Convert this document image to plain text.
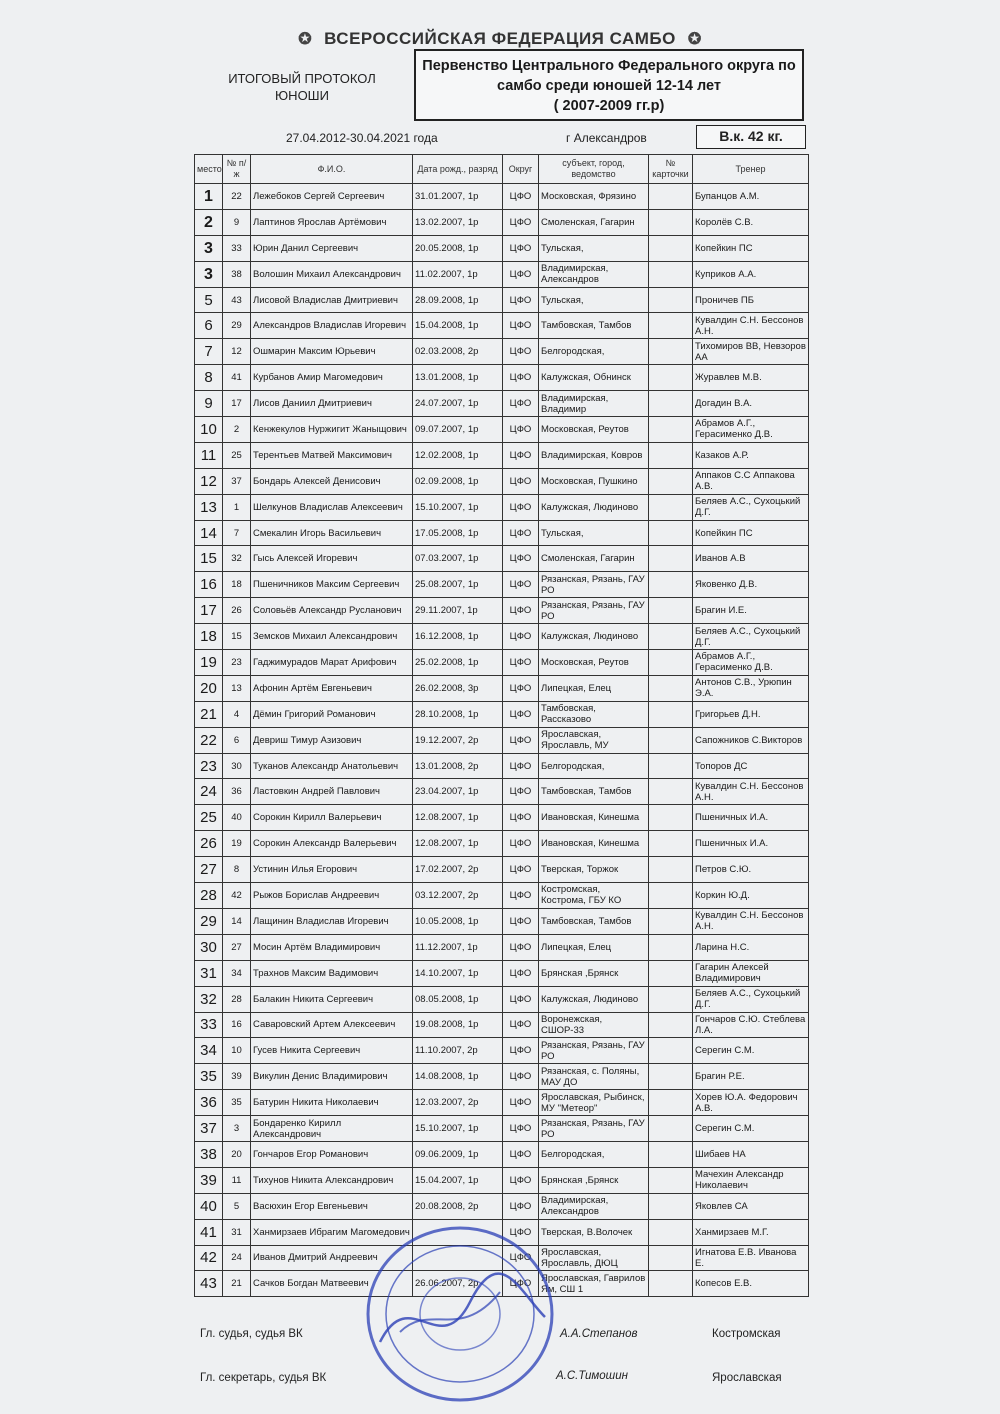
✪ ВСЕРОССИЙСКАЯ ФЕДЕРАЦИЯ САМБО ✪
ИТОГОВЫЙ ПРОТОКОЛ
ЮНОШИ
Первенство Центрального Федерального округа по
самбо среди юношей 12-14 лет
( 2007-2009 гг.р)
27.04.2012-30.04.2021 года	г Александров	В.к. 42 кг.
место	№ п/ж	Ф.И.О.	Дата рожд., разряд	Округ	субъект, город, ведомство	№ карточки	Тренер
1	22	Лежебоков Сергей Сергеевич	31.01.2007, 1р	ЦФО	Московская, Фрязино		Бупанцов А.М.
2	9	Лаптинов Ярослав Артёмович	13.02.2007, 1р	ЦФО	Смоленская, Гагарин		Королёв С.В.
3	33	Юрин Данил Сергеевич	20.05.2008, 1р	ЦФО	Тульская,		Копейкин ПС
3	38	Волошин Михаил Александрович	11.02.2007, 1р	ЦФО	Владимирская, Александров		Куприков А.А.
5	43	Лисовой Владислав Дмитриевич	28.09.2008, 1р	ЦФО	Тульская,		Проничев ПБ
6	29	Александров Владислав Игоревич	15.04.2008, 1р	ЦФО	Тамбовская, Тамбов		Кувалдин С.Н. Бессонов А.Н.
7	12	Ошмарин Максим Юрьевич	02.03.2008, 2р	ЦФО	Белгородская,		Тихомиров ВВ, Невзоров АА
8	41	Курбанов Амир Магомедович	13.01.2008, 1р	ЦФО	Калужская, Обнинск		Журавлев М.В.
9	17	Лисов Даниил Дмитриевич	24.07.2007, 1р	ЦФО	Владимирская, Владимир		Догадин В.А.
10	2	Кенжекулов Нуржигит Жаныщович	09.07.2007, 1р	ЦФО	Московская, Реутов		Абрамов А.Г., Герасименко Д.В.
11	25	Терентьев Матвей Максимович	12.02.2008, 1р	ЦФО	Владимирская, Ковров		Казаков А.Р.
12	37	Бондарь Алексей Денисович	02.09.2008, 1р	ЦФО	Московская, Пушкино		Аппаков С.С Аппакова А.В.
13	1	Шелкунов Владислав Алексеевич	15.10.2007, 1р	ЦФО	Калужская, Людиново		Беляев А.С., Сухоцький Д.Г.
14	7	Смекалин Игорь Васильевич	17.05.2008, 1р	ЦФО	Тульская,		Копейкин ПС
15	32	Гысь Алексей Игоревич	07.03.2007, 1р	ЦФО	Смоленская, Гагарин		Иванов А.В
16	18	Пшеничников Максим Сергеевич	25.08.2007, 1р	ЦФО	Рязанская, Рязань, ГАУ РО		Яковенко Д.В.
17	26	Соловьёв Александр Русланович	29.11.2007, 1р	ЦФО	Рязанская, Рязань, ГАУ РО		Брагин И.Е.
18	15	Земсков Михаил Александрович	16.12.2008, 1р	ЦФО	Калужская, Людиново		Беляев А.С., Сухоцький Д.Г.
19	23	Гаджимурадов Марат Арифович	25.02.2008, 1р	ЦФО	Московская, Реутов		Абрамов А.Г., Герасименко Д.В.
20	13	Афонин Артём Евгеньевич	26.02.2008, 3р	ЦФО	Липецкая, Елец		Антонов С.В., Урюпин Э.А.
21	4	Дёмин Григорий Романович	28.10.2008, 1р	ЦФО	Тамбовская, Рассказово		Григорьев Д.Н.
22	6	Девриш Тимур Азизович	19.12.2007, 2р	ЦФО	Ярославская, Ярославль, МУ		Сапожников С.Викторов
23	30	Туканов Александр Анатольевич	13.01.2008, 2р	ЦФО	Белгородская,		Топоров ДС
24	36	Ластовкин Андрей Павлович	23.04.2007, 1р	ЦФО	Тамбовская, Тамбов		Кувалдин С.Н. Бессонов А.Н.
25	40	Сорокин Кирилл Валерьевич	12.08.2007, 1р	ЦФО	Ивановская, Кинешма		Пшеничных И.А.
26	19	Сорокин Александр Валерьевич	12.08.2007, 1р	ЦФО	Ивановская, Кинешма		Пшеничных И.А.
27	8	Устинин Илья Егорович	17.02.2007, 2р	ЦФО	Тверская, Торжок		Петров С.Ю.
28	42	Рыжов Борислав Андреевич	03.12.2007, 2р	ЦФО	Костромская, Кострома, ГБУ КО		Коркин Ю.Д.
29	14	Лащинин Владислав Игоревич	10.05.2008, 1р	ЦФО	Тамбовская, Тамбов		Кувалдин С.Н. Бессонов А.Н.
30	27	Мосин Артём Владимирович	11.12.2007, 1р	ЦФО	Липецкая, Елец		Ларина Н.С.
31	34	Трахнов Максим Вадимович	14.10.2007, 1р	ЦФО	Брянская ,Брянск		Гагарин Алексей Владимирович
32	28	Балакин Никита Сергеевич	08.05.2008, 1р	ЦФО	Калужская, Людиново		Беляев А.С., Сухоцький Д.Г.
33	16	Саваровский Артем Алексеевич	19.08.2008, 1р	ЦФО	Воронежская, СШОР-33		Гончаров С.Ю. Стеблева Л.А.
34	10	Гусев Никита Сергеевич	11.10.2007, 2р	ЦФО	Рязанская, Рязань, ГАУ РО		Серегин С.М.
35	39	Викулин Денис Владимирович	14.08.2008, 1р	ЦФО	Рязанская, с. Поляны, МАУ ДО		Брагин Р.Е.
36	35	Батурин Никита Николаевич	12.03.2007, 2р	ЦФО	Ярославская, Рыбинск, МУ "Метеор"		Хорев Ю.А. Федорович А.В.
37	3	Бондаренко Кирилл Александрович	15.10.2007, 1р	ЦФО	Рязанская, Рязань, ГАУ РО		Серегин С.М.
38	20	Гончаров Егор Романович	09.06.2009, 1р	ЦФО	Белгородская,		Шибаев НА
39	11	Тихунов Никита Александрович	15.04.2007, 1р	ЦФО	Брянская ,Брянск		Мачехин Александр Николаевич
40	5	Васюхин Егор Евгеньевич	20.08.2008, 2р	ЦФО	Владимирская, Александров		Яковлев СА
41	31	Ханмирзаев Ибрагим Магомедович		ЦФО	Тверская, В.Волочек		Ханмирзаев М.Г.
42	24	Иванов Дмитрий Андреевич		ЦФО	Ярославская, Ярославль, ДЮЦ		Игнатова Е.В. Иванова Е.
43	21	Сачков Богдан Матвеевич	26.06.2007, 2р	ЦФО	Ярославская, Гаврилов Ям, СШ 1		Копесов Е.В.
Гл. судья, судья ВК	А.А.Степанов	Костромская
Гл. секретарь, судья ВК	А.С.Тимошин	Ярославская
